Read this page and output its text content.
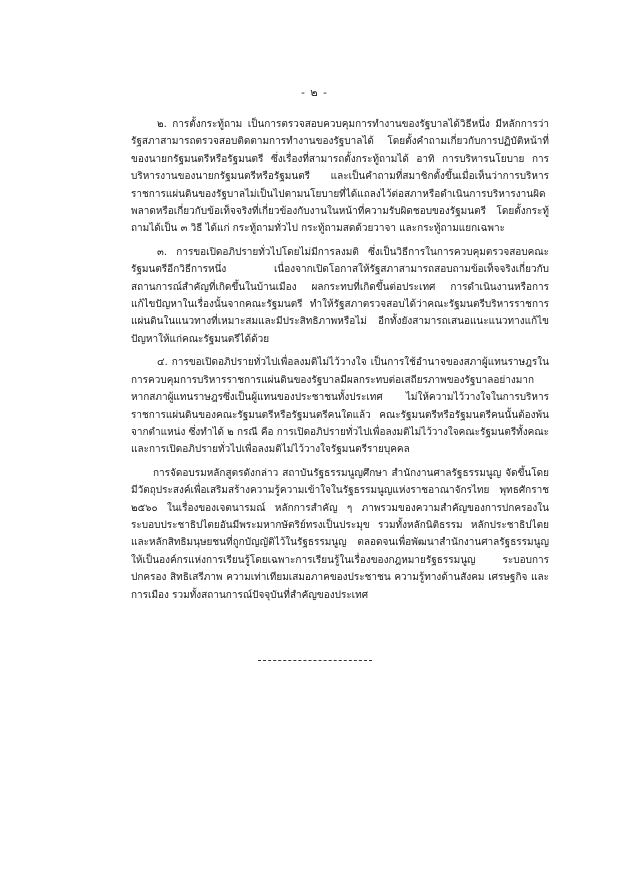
- ๒ -

๒. การตั้งกระทู้ถาม เป็นการตรวจสอบควบคุมการทำงานของรัฐบาลได้วิธีหนึ่ง มีหลักการว่า รัฐสภาสามารถตรวจสอบติดตามการทำงานของรัฐบาลได้ โดยตั้งคำถามเกี่ยวกับการปฏิบัติหน้าที่ของนายกรัฐมนตรีหรือรัฐมนตรี ซึ่งเรื่องที่สามารถตั้งกระทู้ถามได้ อาทิ การบริหารนโยบาย การบริหารงานของนายกรัฐมนตรีหรือรัฐมนตรี และเป็นคำถามที่สมาชิกตั้งขึ้นเมื่อเห็นว่าการบริหารราชการแผ่นดินของรัฐบาลไม่เป็นไปตามนโยบายที่ได้แถลงไว้ต่อสภาหรือดำเนินการบริหารงานผิดพลาดหรือเกี่ยวกับข้อเท็จจริงที่เกี่ยวข้องกับงานในหน้าที่ความรับผิดชอบของรัฐมนตรี โดยตั้งกระทู้ถามได้เป็น ๓ วิธี ได้แก่ กระทู้ถามทั่วไป กระทู้ถามสดด้วยวาจา และกระทู้ถามแยกเฉพาะ

๓. การขอเปิดอภิปรายทั่วไปโดยไม่มีการลงมติ ซึ่งเป็นวิธีการในการควบคุมตรวจสอบคณะรัฐมนตรีอีกวิธีการหนึ่ง เนื่องจากเปิดโอกาสให้รัฐสภาสามารถสอบถามข้อเท็จจริงเกี่ยวกับสถานการณ์สำคัญที่เกิดขึ้นในบ้านเมือง ผลกระทบที่เกิดขึ้นต่อประเทศ การดำเนินงานหรือการแก้ไขปัญหาในเรื่องนั้นจากคณะรัฐมนตรี ทำให้รัฐสภาตรวจสอบได้ว่าคณะรัฐมนตรีบริหารราชการแผ่นดินในแนวทางที่เหมาะสมและมีประสิทธิภาพหรือไม่ อีกทั้งยังสามารถเสนอแนะแนวทางแก้ไขปัญหาให้แก่คณะรัฐมนตรีได้ด้วย

๔. การขอเปิดอภิปรายทั่วไปเพื่อลงมติไม่ไว้วางใจ เป็นการใช้อำนาจของสภาผู้แทนราษฎรในการควบคุมการบริหารราชการแผ่นดินของรัฐบาลมีผลกระทบต่อเสถียรภาพของรัฐบาลอย่างมาก หากสภาผู้แทนราษฎรซึ่งเป็นผู้แทนของประชาชนทั้งประเทศ ไม่ให้ความไว้วางใจในการบริหารราชการแผ่นดินของคณะรัฐมนตรีหรือรัฐมนตรีคนใดแล้ว คณะรัฐมนตรีหรือรัฐมนตรีคนนั้นต้องพ้นจากตำแหน่ง ซึ่งทำได้ ๒ กรณี คือ การเปิดอภิปรายทั่วไปเพื่อลงมติไม่ไว้วางใจคณะรัฐมนตรีทั้งคณะ และการเปิดอภิปรายทั่วไปเพื่อลงมติไม่ไว้วางใจรัฐมนตรีรายบุคคล

การจัดอบรมหลักสูตรดังกล่าว สถาบันรัฐธรรมนูญศึกษา สำนักงานศาลรัฐธรรมนูญ จัดขึ้นโดยมีวัตถุประสงค์เพื่อเสริมสร้างความรู้ความเข้าใจในรัฐธรรมนูญแห่งราชอาณาจักรไทย พุทธศักราช ๒๕๖๐ ในเรื่องของเจตนารมณ์ หลักการสำคัญ ๆ ภาพรวมของความสำคัญของการปกครองในระบอบประชาธิปไตยอันมีพระมหากษัตริย์ทรงเป็นประมุข รวมทั้งหลักนิติธรรม หลักประชาธิปไตย และหลักสิทธิมนุษยชนที่ถูกบัญญัติไว้ในรัฐธรรมนูญ ตลอดจนเพื่อพัฒนาสำนักงานศาลรัฐธรรมนูญ ให้เป็นองค์กรแห่งการเรียนรู้โดยเฉพาะการเรียนรู้ในเรื่องของกฎหมายรัฐธรรมนูญ ระบอบการปกครอง สิทธิเสรีภาพ ความเท่าเทียมเสมอภาคของประชาชน ความรู้ทางด้านสังคม เศรษฐกิจ และการเมือง รวมทั้งสถานการณ์ปัจจุบันที่สำคัญของประเทศ
